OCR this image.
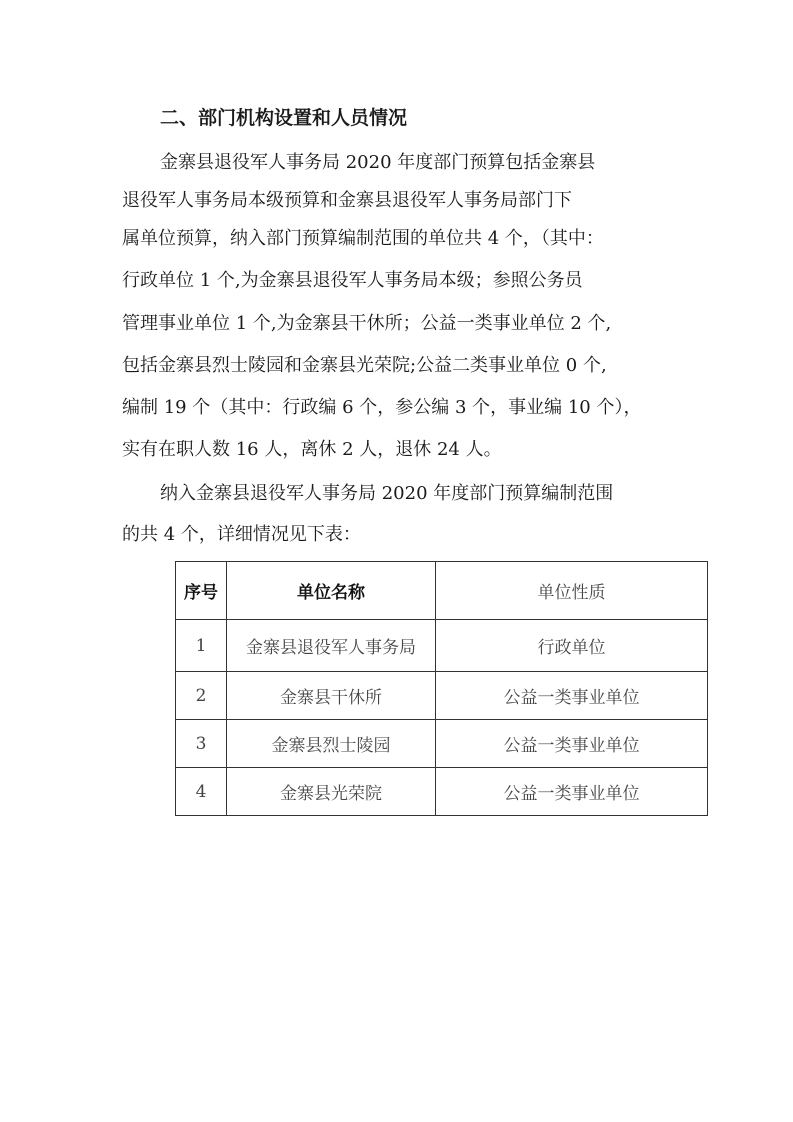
二、部门机构设置和人员情况
金寨县退役军人事务局 2020 年度部门预算包括金寨县
退役军人事务局本级预算和金寨县退役军人事务局部门下
属单位预算，纳入部门预算编制范围的单位共 4 个，（其中：
行政单位 1 个,为金寨县退役军人事务局本级；参照公务员
管理事业单位 1 个,为金寨县干休所；公益一类事业单位 2 个,
包括金寨县烈士陵园和金寨县光荣院;公益二类事业单位 0 个,
编制 19 个（其中：行政编 6 个，参公编 3 个，事业编 10 个），
实有在职人数 16 人，离休 2 人，退休 24 人。
纳入金寨县退役军人事务局 2020 年度部门预算编制范围
的共 4 个，详细情况见下表：
序号	单位名称	单位性质
1	金寨县退役军人事务局	行政单位
2	金寨县干休所	公益一类事业单位
3	金寨县烈士陵园	公益一类事业单位
4	金寨县光荣院	公益一类事业单位
